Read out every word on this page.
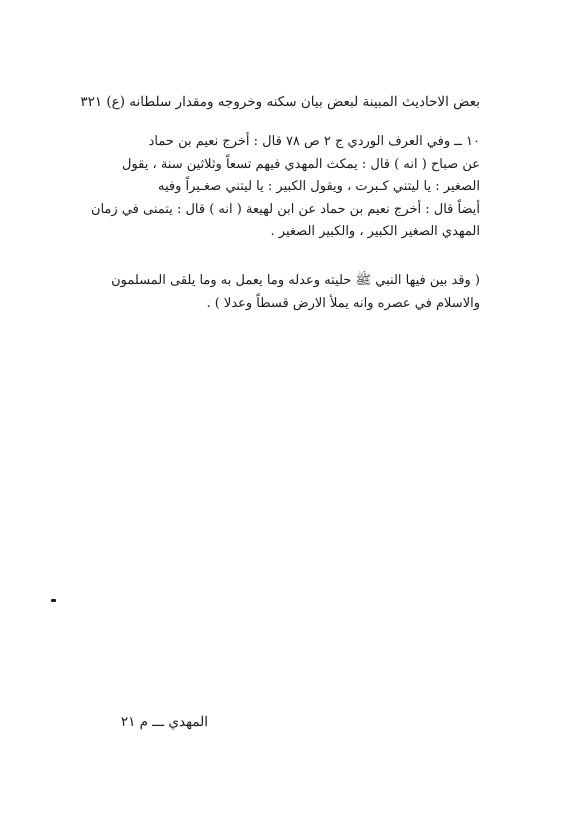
بعض الاحاديث المبينة لبعض بيان سكنه وخروجه ومقدار سلطانه (ع) ٣٢١
١٠ ــ وفي العرف الوردي ج ٢ ص ٧٨ قال : أخرج نعيم بن حماد
عن صباح ( انه ) قال : يمكث المهدي فيهم تسعاً وثلاثين سنة ، يقول
الصغير : يا ليتني كـبرت ، ويقول الكبير : يا ليتني صغـيراً وفيه
أيضاً قال : أخرج نعيم بن حماد عن ابن لهيعة ( انه ) قال : يتمنى في زمان
المهدي الصغير الكبير ، والكبير الصغير .
( وقد بين فيها النبي ﷺ حليته وعدله وما يعمل به وما يلقى المسلمون
والاسلام في عصره وانه يملأ الارض قسطاً وعدلا ) .
المهدي ـــ م ٢١
